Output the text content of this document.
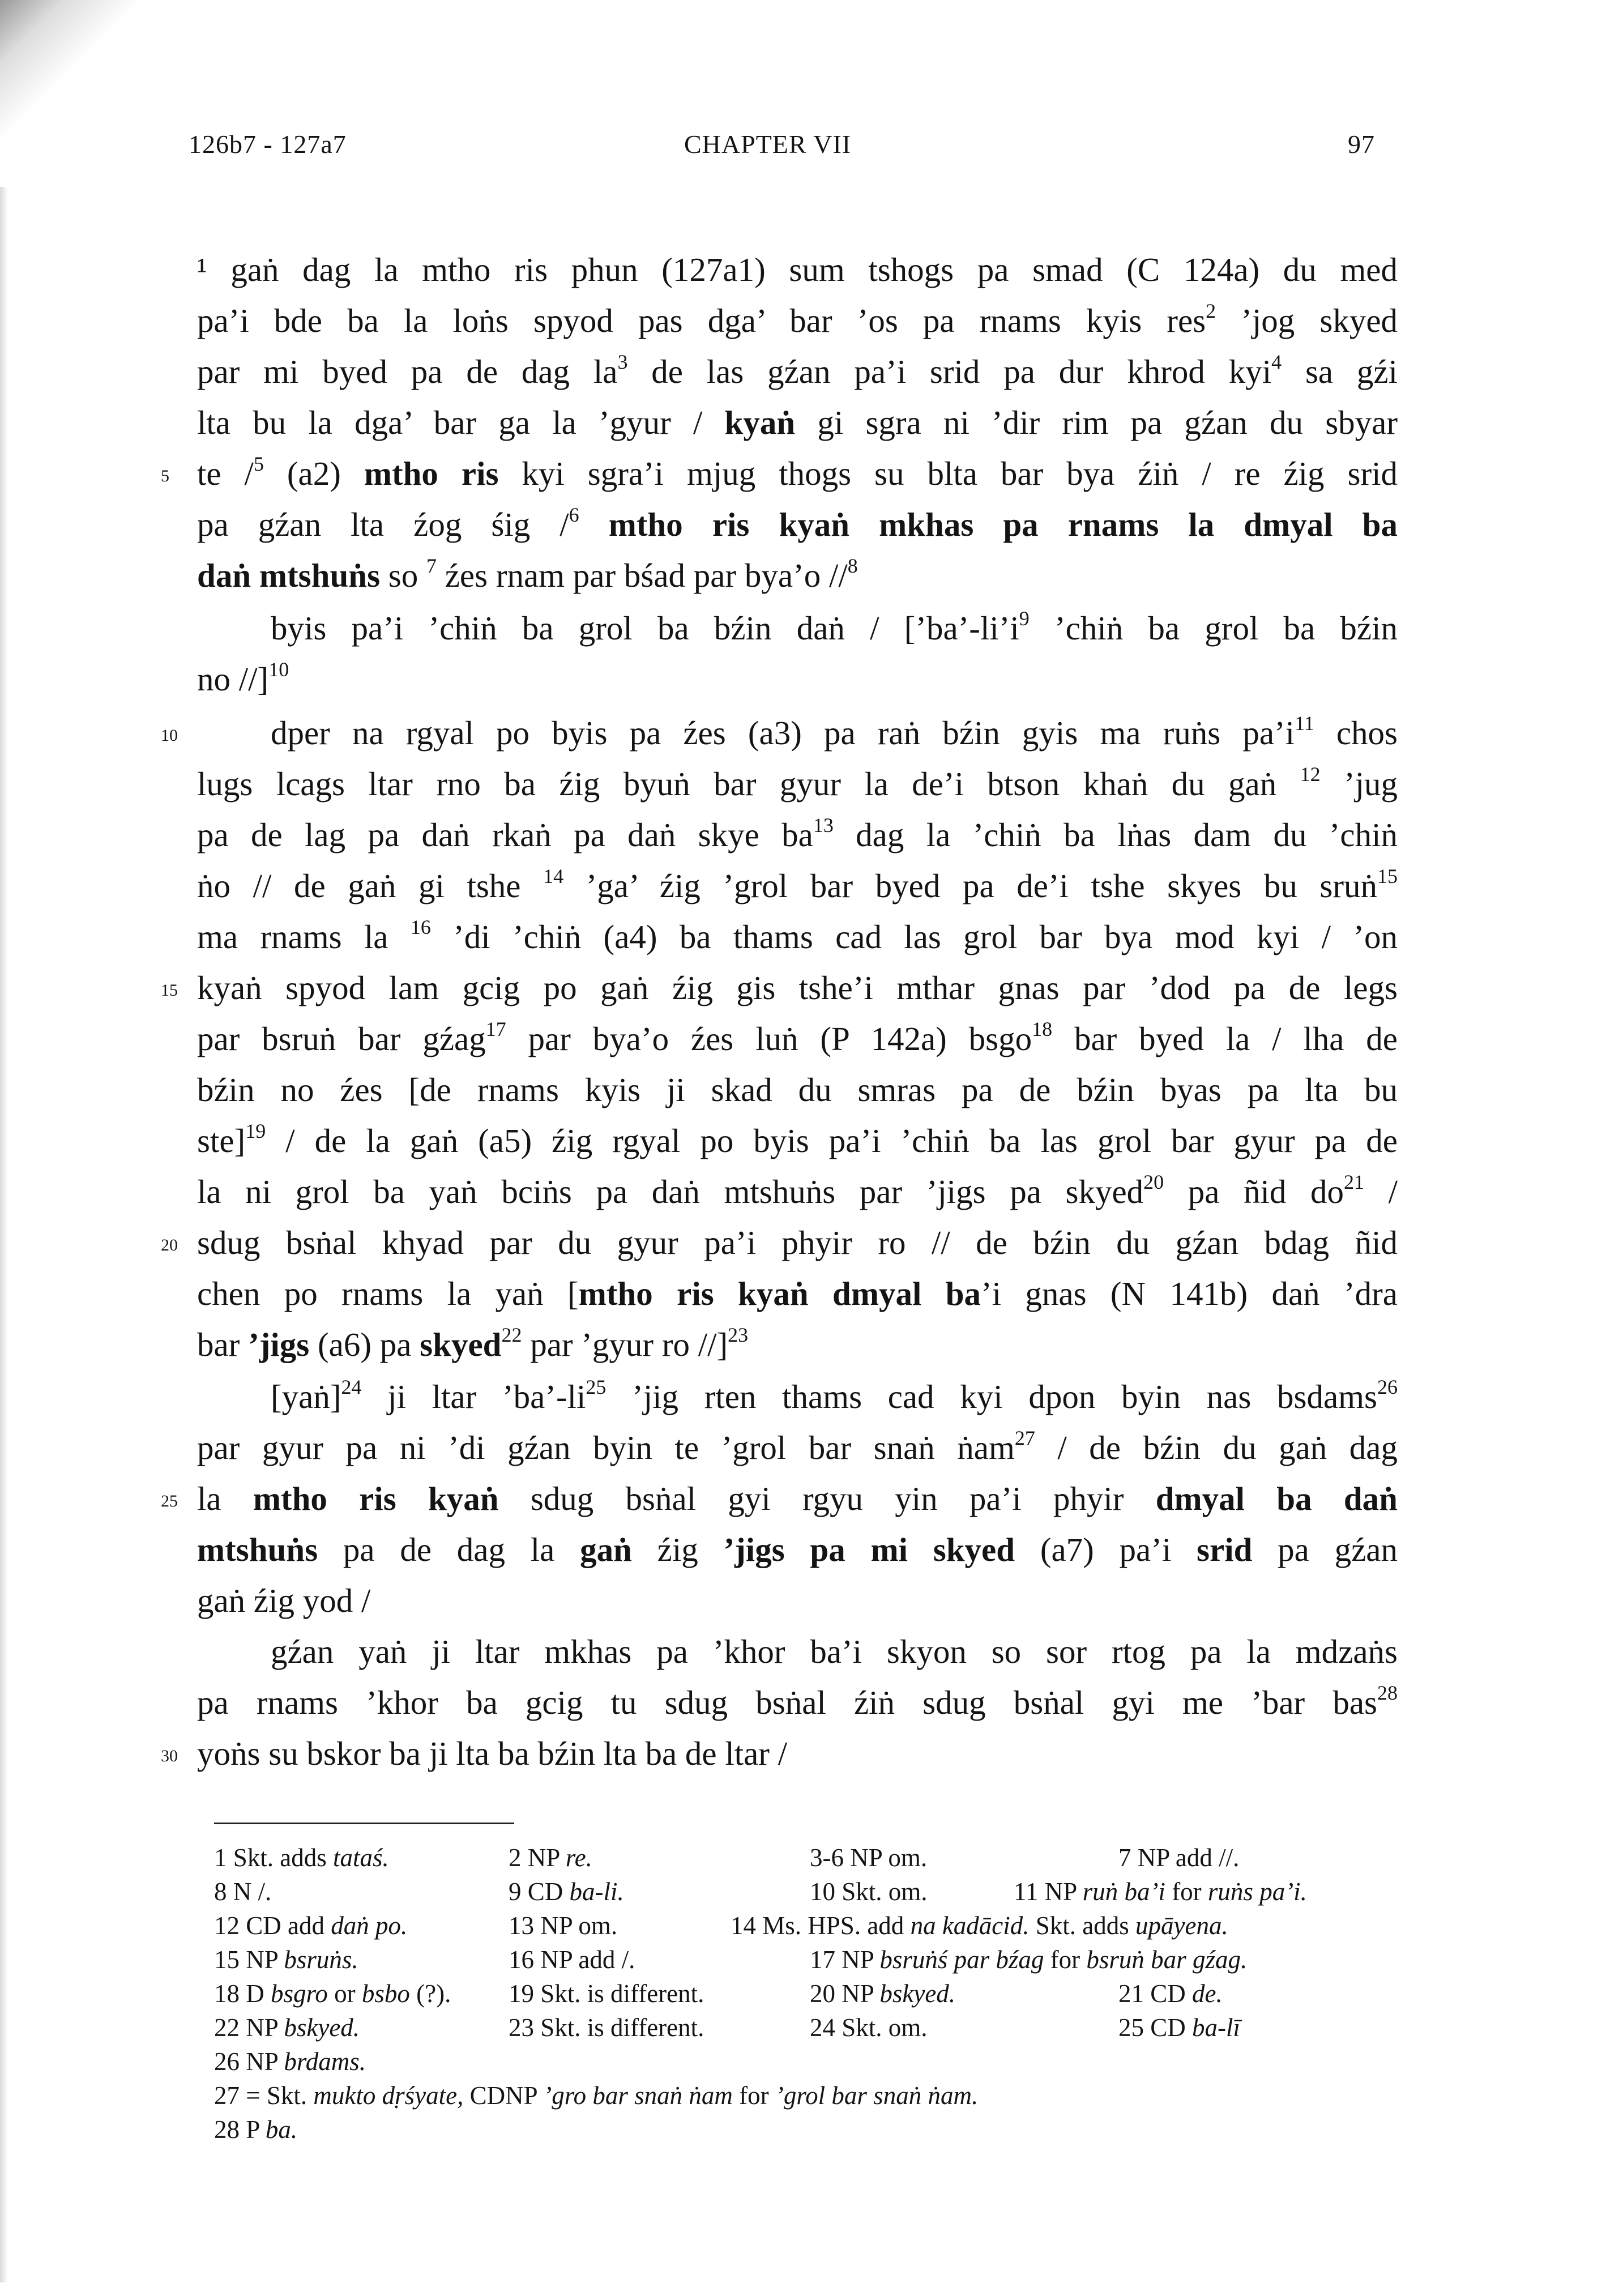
126b7 - 127a7	CHAPTER VII	97
¹ gaṅ dag la mtho ris phun (127a1) sum tshogs pa smad (C 124a) du med
pa’i bde ba la loṅs spyod pas dga’ bar ’os pa rnams kyis res$^2$ ’jog skyed
par mi byed pa de dag $la^3$ de las gźan pa’i srid pa dur khrod kyi$^4$ sa gźi
lta bu la dga’ bar ga la ’gyur / kyaṅ gi sgra ni ’dir rim pa gźan du sbyar
te /$^5$ (a2) mtho ris kyi sgra’i mjug thogs su blta bar bya źiṅ / re źig srid
pa gźan lta źog śig /$^6$ mtho ris kyaṅ mkhas pa rnams la dmyal ba
daṅ mtshuṅs so $^7$ źes rnam par bśad par bya’o //$^8$
byis pa’i ’chiṅ ba grol ba bźin daṅ / [$’ba’-li’i^9$ ’chiṅ ba grol ba bźin
no //]$^{10}$
dper na rgyal po byis pa źes (a3) pa raṅ bźin gyis ma ruṅs $pa’i^{11}$ chos
lugs lcags ltar rno ba źig byuṅ bar gyur la de’i btson khaṅ du gaṅ $^{12}$ ’jug
pa de lag pa daṅ rkaṅ pa daṅ skye $ba^{13}$ dag la ’chiṅ ba lṅas dam du ’chiṅ
ṅo // de gaṅ gi tshe $^{14}$ ’ga’ źig ’grol bar byed pa de’i tshe skyes bu sruṅ$^{15}$
ma rnams la $^{16}$ ’di ’chiṅ (a4) ba thams cad las grol bar bya mod kyi / ’on
kyaṅ spyod lam gcig po gaṅ źig gis tshe’i mthar gnas par ’dod pa de legs
par bsruṅ bar gźag$^{17}$ par bya’o źes luṅ (P 142a) bsgo$^{18}$ bar byed la / lha de
bźin no źes [de rnams kyis ji skad du smras pa de bźin byas pa lta bu
ste]$^{19}$ / de la gaṅ (a5) źig rgyal po byis pa’i ’chiṅ ba las grol bar gyur pa de
la ni grol ba yaṅ bciṅs pa daṅ mtshuṅs par ’jigs pa skyed$^{20}$ pa ñid $do^{21}$ /
sdug bsṅal khyad par du gyur pa’i phyir ro // de bźin du gźan bdag ñid
chen po rnams la yaṅ [mtho ris kyaṅ dmyal ba’i gnas (N 141b) daṅ ’dra
bar ’jigs (a6) pa skyed$^{22}$ par ’gyur ro //]$^{23}$
[yaṅ]$^{24}$ ji ltar $’ba’-li^{25}$ ’jig rten thams cad kyi dpon byin nas bsdams$^{26}$
par gyur pa ni ’di gźan byin te ’grol bar snaṅ ṅam$^{27}$ / de bźin du gaṅ dag
la mtho ris kyaṅ sdug bsṅal gyi rgyu yin pa’i phyir dmyal ba daṅ
mtshuṅs pa de dag la gaṅ źig ’jigs pa mi skyed (a7) pa’i srid pa gźan
gaṅ źig yod /
gźan yaṅ ji ltar mkhas pa ’khor ba’i skyon so sor rtog pa la mdzaṅs
pa rnams ’khor ba gcig tu sdug bsṅal źiṅ sdug bsṅal gyi me ’bar bas$^{28}$
yoṅs su bskor ba ji lta ba bźin lta ba de ltar /
5
10
15
20
25
30
1 Skt. adds tataś.	2 NP re.	3-6 NP om.	7 NP add //.
8 N /.	9 CD ba-li.	10 Skt. om.	11 NP ruṅ ba’i for ruṅs pa’i.
12 CD add daṅ po.	13 NP om.	14 Ms. HPS. add na kadācid. Skt. adds upāyena.
15 NP bsruṅs.	16 NP add /.	17 NP bsruṅś par bźag for bsruṅ bar gźag.
18 D bsgro or bsbo (?). 19 Skt. is different.	20 NP bskyed.	21 CD de.
22 NP bskyed.	23 Skt. is different.	24 Skt. om.	25 CD ba-lī
26 NP brdams.
27 = Skt. mukto dṛśyate, CDNP ’gro bar snaṅ ṅam for ’grol bar snaṅ ṅam.
28 P ba.
